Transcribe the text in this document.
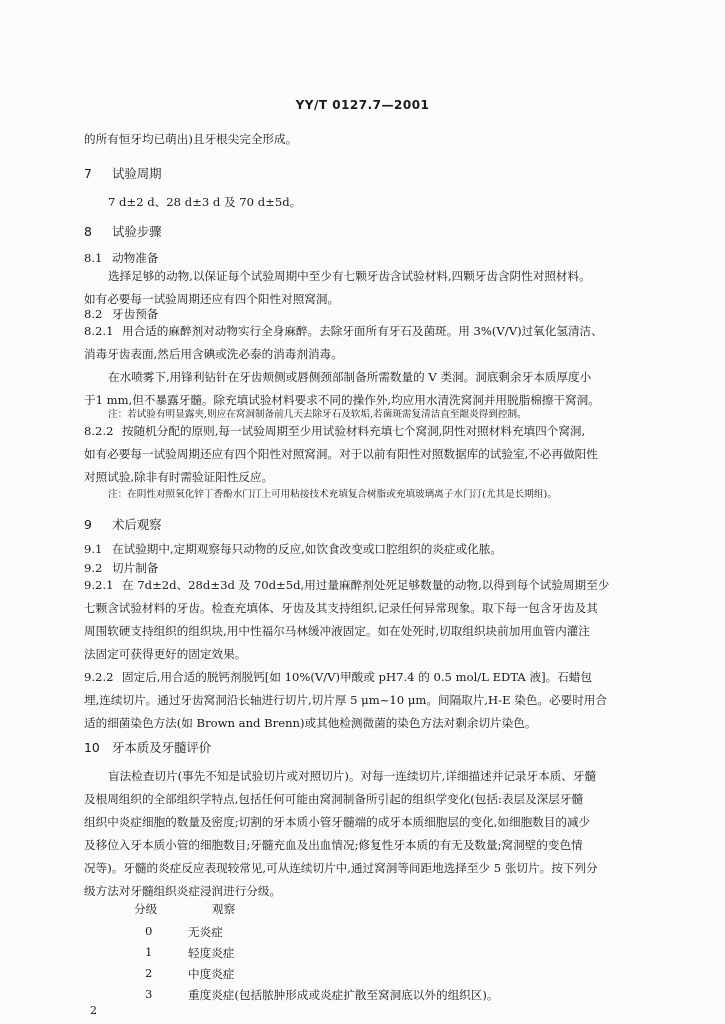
YY/T 0127.7—2001
的所有恒牙均已萌出)且牙根尖完全形成。
7 试验周期
7 d±2 d、28 d±3 d 及 70 d±5d。
8 试验步骤
8.1 动物准备
选择足够的动物,以保证每个试验周期中至少有七颗牙齿含试验材料,四颗牙齿含阴性对照材料。
如有必要每一试验周期还应有四个阳性对照窝洞。
8.2 牙齿预备
8.2.1 用合适的麻醉剂对动物实行全身麻醉。去除牙面所有牙石及菌斑。用 3%(V/V)过氧化氢清洁、
消毒牙齿表面,然后用含碘或洗必泰的消毒剂消毒。
在水喷雾下,用锋利钻针在牙齿颊侧或唇侧颈部制备所需数量的 V 类洞。洞底剩余牙本质厚度小
于1 mm,但不暴露牙髓。除充填试验材料要求不同的操作外,均应用水清洗窝洞并用脱脂棉擦干窝洞。
注：若试验有明显露夹,则应在窝洞制备前几天去除牙石及软垢,若菌斑需复清洁直至龈炎得到控制。
8.2.2 按随机分配的原则,每一试验周期至少用试验材料充填七个窝洞,阴性对照材料充填四个窝洞,
如有必要每一试验周期还应有四个阳性对照窝洞。对于以前有阳性对照数据库的试验室,不必再做阳性
对照试验,除非有时需验证阳性反应。
注：在阴性对照氧化锌丁香酚水门汀上可用粘接技术充填复合树脂或充填玻璃离子水门汀(尤其是长期组)。
9 术后观察
9.1 在试验期中,定期观察每只动物的反应,如饮食改变或口腔组织的炎症或化脓。
9.2 切片制备
9.2.1 在 7d±2d、28d±3d 及 70d±5d,用过量麻醉剂处死足够数量的动物,以得到每个试验周期至少
七颗含试验材料的牙齿。检查充填体、牙齿及其支持组织,记录任何异常现象。取下每一包含牙齿及其
周围软硬支持组织的组织块,用中性福尔马林缓冲液固定。如在处死时,切取组织块前加用血管内灌注
法固定可获得更好的固定效果。
9.2.2 固定后,用合适的脱钙剂脱钙[如 10%(V/V)甲酸或 pH7.4 的 0.5 mol/L EDTA 液]。石蜡包
埋,连续切片。通过牙齿窝洞沿长轴进行切片,切片厚 5 μm~10 μm。间隔取片,H-E 染色。必要时用合
适的细菌染色方法(如 Brown and Brenn)或其他检测微菌的染色方法对剩余切片染色。
10 牙本质及牙髓评价
盲法检查切片(事先不知是试验切片或对照切片)。对每一连续切片,详细描述并记录牙本质、牙髓
及根周组织的全部组织学特点,包括任何可能由窝洞制备所引起的组织学变化(包括:表层及深层牙髓
组织中炎症细胞的数量及密度;切割的牙本质小管牙髓端的成牙本质细胞层的变化,如细胞数目的减少
及移位入牙本质小管的细胞数目;牙髓充血及出血情况;修复性牙本质的有无及数量;窝洞壁的变色情
况等)。牙髓的炎症反应表现较常见,可从连续切片中,通过窝洞等间距地选择至少 5 张切片。按下列分
级方法对牙髓组织炎症浸润进行分级。
分级	观察
0	无炎症
1	轻度炎症
2	中度炎症
3	重度炎症(包括脓肿形成或炎症扩散至窝洞底以外的组织区)。
2
